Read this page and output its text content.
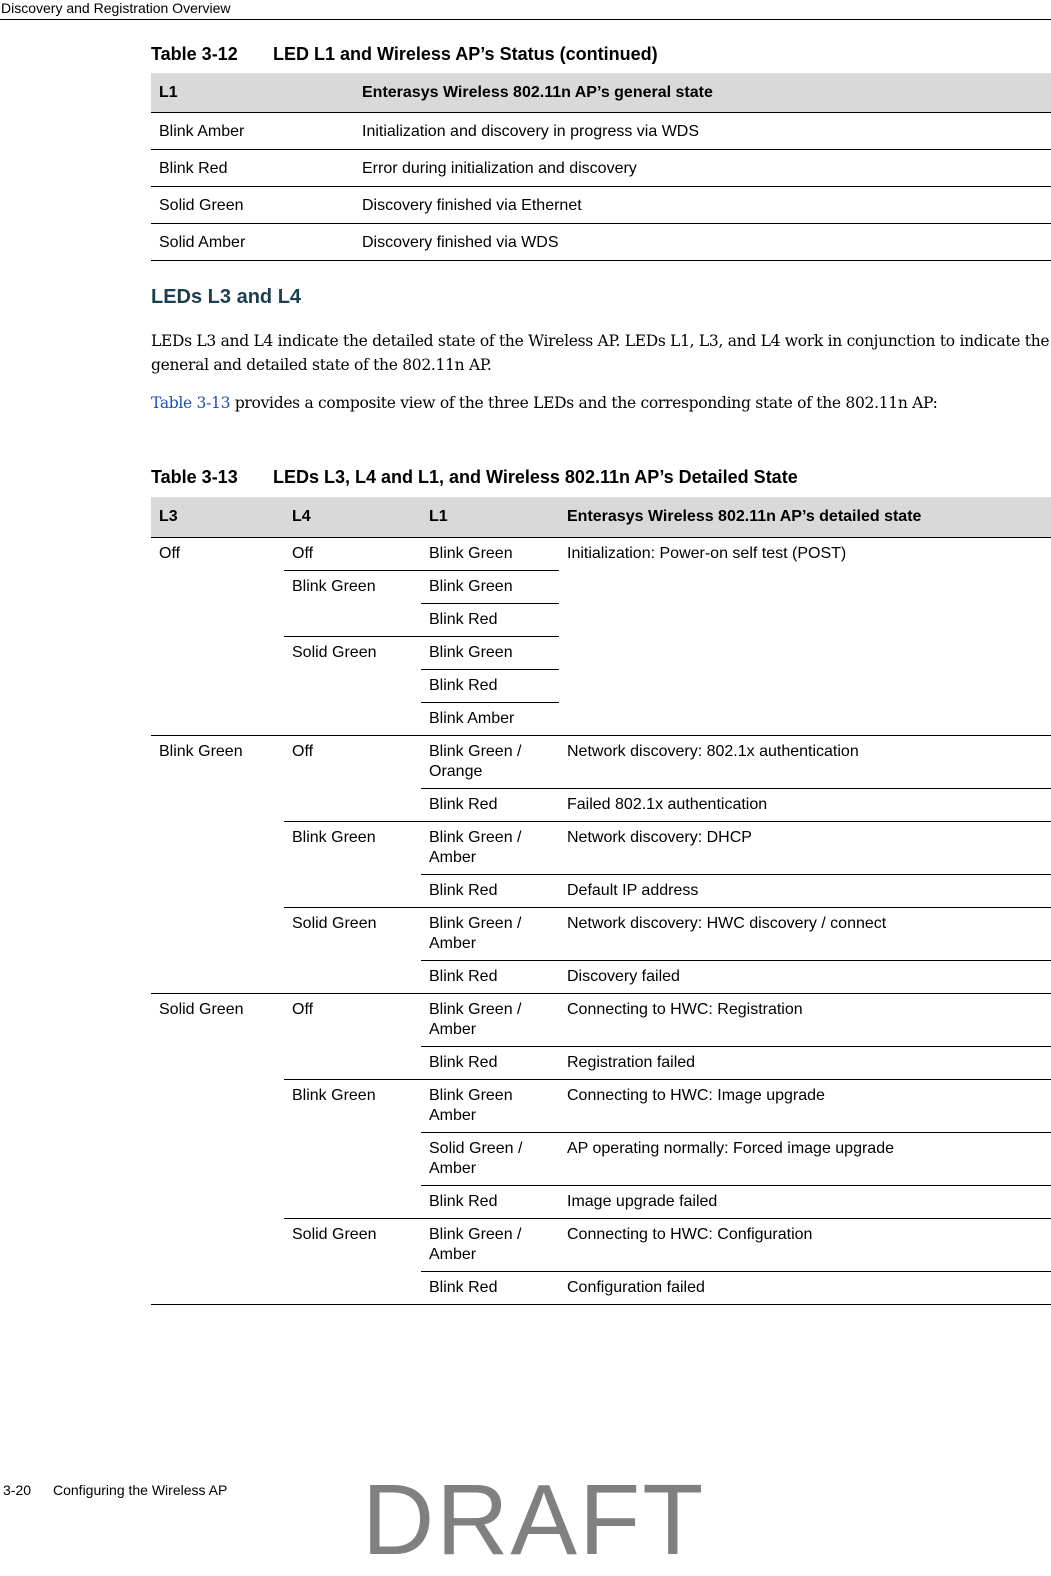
Discovery and Registration Overview
Table 3-12 LED L1 and Wireless AP’s Status (continued)
L1	Enterasys Wireless 802.11n AP’s general state
Blink Amber	Initialization and discovery in progress via WDS
Blink Red	Error during initialization and discovery
Solid Green	Discovery finished via Ethernet
Solid Amber	Discovery finished via WDS
LEDs L3 and L4

LEDs L3 and L4 indicate the detailed state of the Wireless AP. LEDs L1, L3, and L4 work in conjunction to indicate the general and detailed state of the 802.11n AP.

Table 3-13 provides a composite view of the three LEDs and the corresponding state of the 802.11n AP:

Table 3-13 LEDs L3, L4 and L1, and Wireless 802.11n AP’s Detailed State
L3	L4	L1	Enterasys Wireless 802.11n AP’s detailed state
Off	Off	Blink Green	Initialization: Power-on self test (POST)
	Blink Green	Blink Green	
		Blink Red	
	Solid Green	Blink Green	
		Blink Red	
		Blink Amber	
Blink Green	Off	Blink Green / Orange	Network discovery: 802.1x authentication
		Blink Red	Failed 802.1x authentication
	Blink Green	Blink Green / Amber	Network discovery: DHCP
		Blink Red	Default IP address
	Solid Green	Blink Green / Amber	Network discovery: HWC discovery / connect
		Blink Red	Discovery failed
Solid Green	Off	Blink Green / Amber	Connecting to HWC: Registration
		Blink Red	Registration failed
	Blink Green	Blink Green Amber	Connecting to HWC: Image upgrade
		Solid Green / Amber	AP operating normally: Forced image upgrade
		Blink Red	Image upgrade failed
	Solid Green	Blink Green / Amber	Connecting to HWC: Configuration
		Blink Red	Configuration failed
3-20 Configuring the Wireless AP DRAFT
